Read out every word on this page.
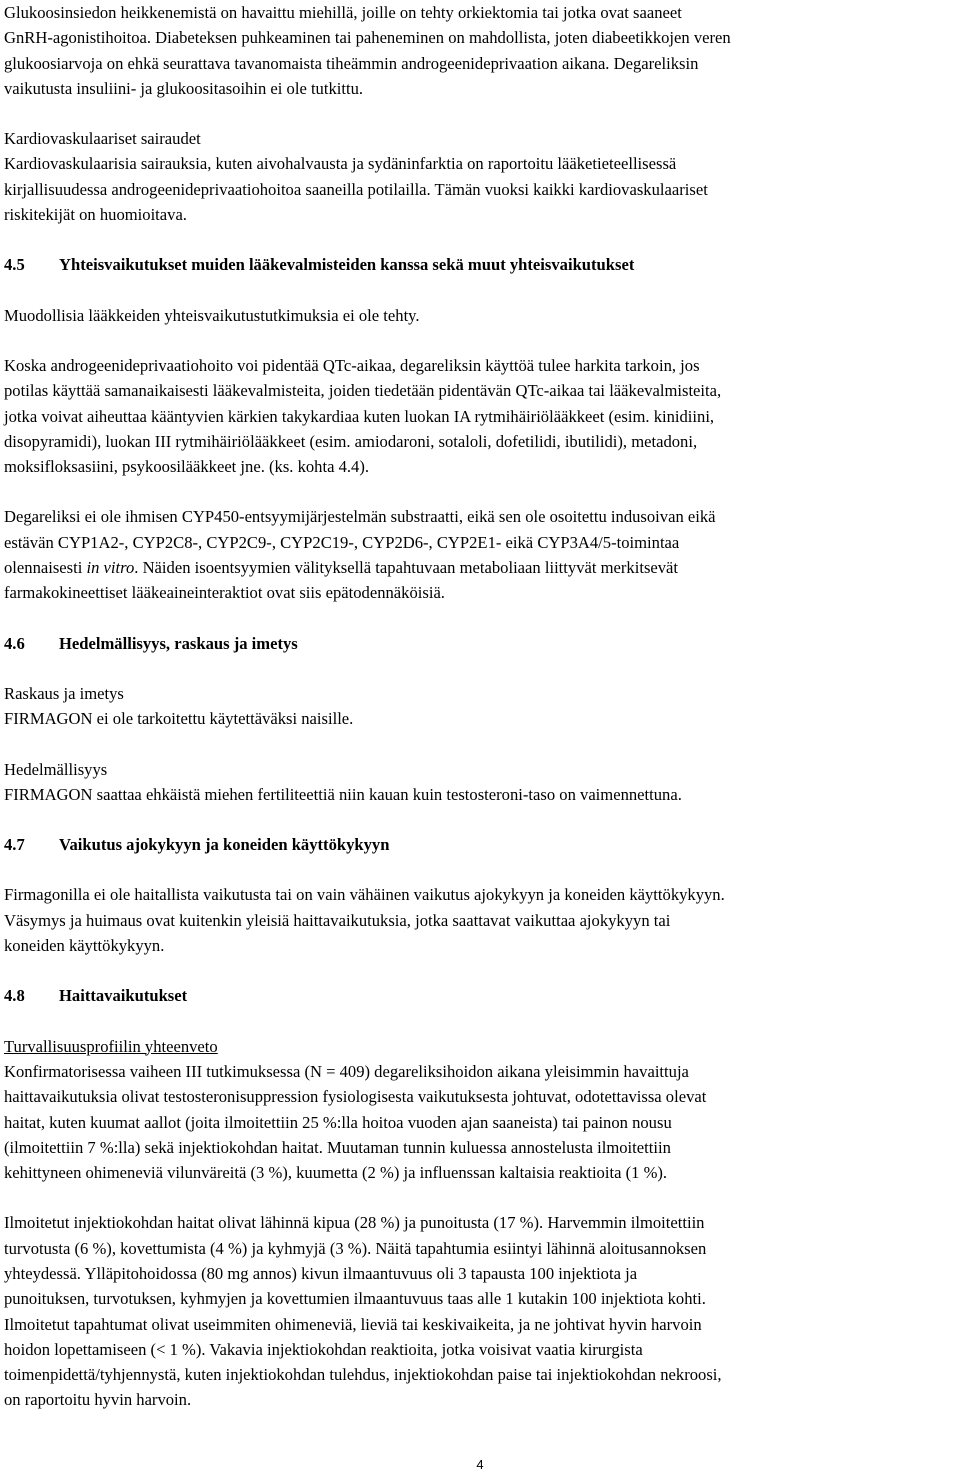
Glukoosinsiedon heikkenemistä on havaittu miehillä, joille on tehty orkiektomia tai jotka ovat saaneet

GnRH-agonistihoitoa. Diabeteksen puhkeaminen tai paheneminen on mahdollista, joten diabeetikkojen veren

glukoosiarvoja on ehkä seurattava tavanomaista tiheämmin androgeenideprivaation aikana. Degareliksin

vaikutusta insuliini- ja glukoositasoihin ei ole tutkittu.

Kardiovaskulaariset sairaudet

Kardiovaskulaarisia sairauksia, kuten aivohalvausta ja sydäninfarktia on raportoitu lääketieteellisessä

kirjallisuudessa androgeenideprivaatiohoitoa saaneilla potilailla. Tämän vuoksi kaikki kardiovaskulaariset

riskitekijät on huomioitava.

4.5	Yhteisvaikutukset muiden lääkevalmisteiden kanssa sekä muut yhteisvaikutukset

Muodollisia lääkkeiden yhteisvaikutustutkimuksia ei ole tehty.

Koska androgeenideprivaatiohoito voi pidentää QTc-aikaa, degareliksin käyttöä tulee harkita tarkoin, jos

potilas käyttää samanaikaisesti lääkevalmisteita, joiden tiedetään pidentävän QTc-aikaa tai lääkevalmisteita,

jotka voivat aiheuttaa kääntyvien kärkien takykardiaa kuten luokan IA rytmihäiriölääkkeet (esim. kinidiini,

disopyramidi), luokan III rytmihäiriölääkkeet (esim. amiodaroni, sotaloli, dofetilidi, ibutilidi), metadoni,

moksifloksasiini, psykoosilääkkeet jne. (ks. kohta 4.4).

Degareliksi ei ole ihmisen CYP450-entsyymijärjestelmän substraatti, eikä sen ole osoitettu indusoivan eikä

estävän CYP1A2-, CYP2C8-, CYP2C9-, CYP2C19-, CYP2D6-, CYP2E1- eikä CYP3A4/5-toimintaa

olennaisesti in vitro. Näiden isoentsyymien välityksellä tapahtuvaan metaboliaan liittyvät merkitsevät

farmakokineettiset lääkeaineinteraktiot ovat siis epätodennäköisiä.

4.6	Hedelmällisyys, raskaus ja imetys

Raskaus ja imetys

FIRMAGON ei ole tarkoitettu käytettäväksi naisille.

Hedelmällisyys

FIRMAGON saattaa ehkäistä miehen fertiliteettiä niin kauan kuin testosteroni-taso on vaimennettuna.

4.7	Vaikutus ajokykyyn ja koneiden käyttökykyyn

Firmagonilla ei ole haitallista vaikutusta tai on vain vähäinen vaikutus ajokykyyn ja koneiden käyttökykyyn.

Väsymys ja huimaus ovat kuitenkin yleisiä haittavaikutuksia, jotka saattavat vaikuttaa ajokykyyn tai

koneiden käyttökykyyn.

4.8	Haittavaikutukset

Turvallisuusprofiilin yhteenveto

Konfirmatorisessa vaiheen III tutkimuksessa (N = 409) degareliksihoidon aikana yleisimmin havaittuja

haittavaikutuksia olivat testosteronisuppression fysiologisesta vaikutuksesta johtuvat, odotettavissa olevat

haitat, kuten kuumat aallot (joita ilmoitettiin 25 %:lla hoitoa vuoden ajan saaneista) tai painon nousu

(ilmoitettiin 7 %:lla) sekä injektiokohdan haitat. Muutaman tunnin kuluessa annostelusta ilmoitettiin

kehittyneen ohimeneviä vilunväreitä (3 %), kuumetta (2 %) ja influenssan kaltaisia reaktioita (1 %).

Ilmoitetut injektiokohdan haitat olivat lähinnä kipua (28 %) ja punoitusta (17 %). Harvemmin ilmoitettiin

turvotusta (6 %), kovettumista (4 %) ja kyhmyjä (3 %). Näitä tapahtumia esiintyi lähinnä aloitusannoksen

yhteydessä. Ylläpitohoidossa (80 mg annos) kivun ilmaantuvuus oli 3 tapausta 100 injektiota ja

punoituksen, turvotuksen, kyhmyjen ja kovettumien ilmaantuvuus taas alle 1 kutakin 100 injektiota kohti.

Ilmoitetut tapahtumat olivat useimmiten ohimeneviä, lieviä tai keskivaikeita, ja ne johtivat hyvin harvoin

hoidon lopettamiseen (< 1 %). Vakavia injektiokohdan reaktioita, jotka voisivat vaatia kirurgista

toimenpidettä/tyhjennystä, kuten injektiokohdan tulehdus, injektiokohdan paise tai injektiokohdan nekroosi,

on raportoitu hyvin harvoin.

4
